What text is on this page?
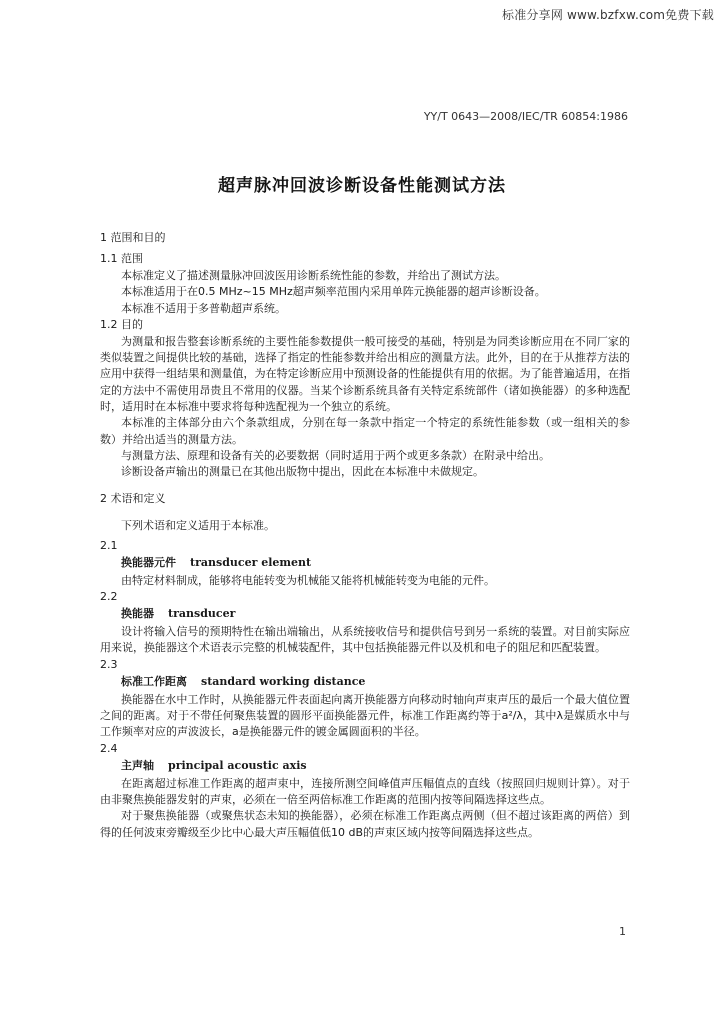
标准分享网 www.bzfxw.com免费下载
YY/T 0643—2008/IEC/TR 60854:1986
超声脉冲回波诊断设备性能测试方法
1 范围和目的
1.1 范围

本标准定义了描述测量脉冲回波医用诊断系统性能的参数，并给出了测试方法。

本标准适用于在0.5 MHz~15 MHz超声频率范围内采用单阵元换能器的超声诊断设备。

本标准不适用于多普勒超声系统。

1.2 目的

为测量和报告整套诊断系统的主要性能参数提供一般可接受的基础，特别是为同类诊断应用在不同厂家的类似装置之间提供比较的基础，选择了指定的性能参数并给出相应的测量方法。此外，目的在于从推荐方法的应用中获得一组结果和测量值，为在特定诊断应用中预测设备的性能提供有用的依据。为了能普遍适用，在指定的方法中不需使用昂贵且不常用的仪器。当某个诊断系统具备有关特定系统部件（诸如换能器）的多种选配时，适用时在本标准中要求将每种选配视为一个独立的系统。

本标准的主体部分由六个条款组成，分别在每一条款中指定一个特定的系统性能参数（或一组相关的参数）并给出适当的测量方法。

与测量方法、原理和设备有关的必要数据（同时适用于两个或更多条款）在附录中给出。

诊断设备声输出的测量已在其他出版物中提出，因此在本标准中未做规定。

2 术语和定义

下列术语和定义适用于本标准。

2.1
换能器元件 transducer element

由特定材料制成，能够将电能转变为机械能又能将机械能转变为电能的元件。

2.2
换能器 transducer

设计将输入信号的预期特性在输出端输出，从系统接收信号和提供信号到另一系统的装置。对目前实际应用来说，换能器这个术语表示完整的机械装配件，其中包括换能器元件以及机和电子的阻尼和匹配装置。

2.3
标准工作距离 standard working distance

换能器在水中工作时，从换能器元件表面起向离开换能器方向移动时轴向声束声压的最后一个最大值位置之间的距离。对于不带任何聚焦装置的圆形平面换能器元件，标准工作距离约等于a²/λ，其中λ是媒质水中与工作频率对应的声波波长，a是换能器元件的镀金属圆面积的半径。

2.4
主声轴 principal acoustic axis

在距离超过标准工作距离的超声束中，连接所测空间峰值声压幅值点的直线（按照回归规则计算）。对于由非聚焦换能器发射的声束，必须在一倍至两倍标准工作距离的范围内按等间隔选择这些点。

对于聚焦换能器（或聚焦状态未知的换能器），必须在标准工作距离点两侧（但不超过该距离的两倍）到得的任何波束旁瓣级至少比中心最大声压幅值低10 dB的声束区域内按等间隔选择这些点。

1
